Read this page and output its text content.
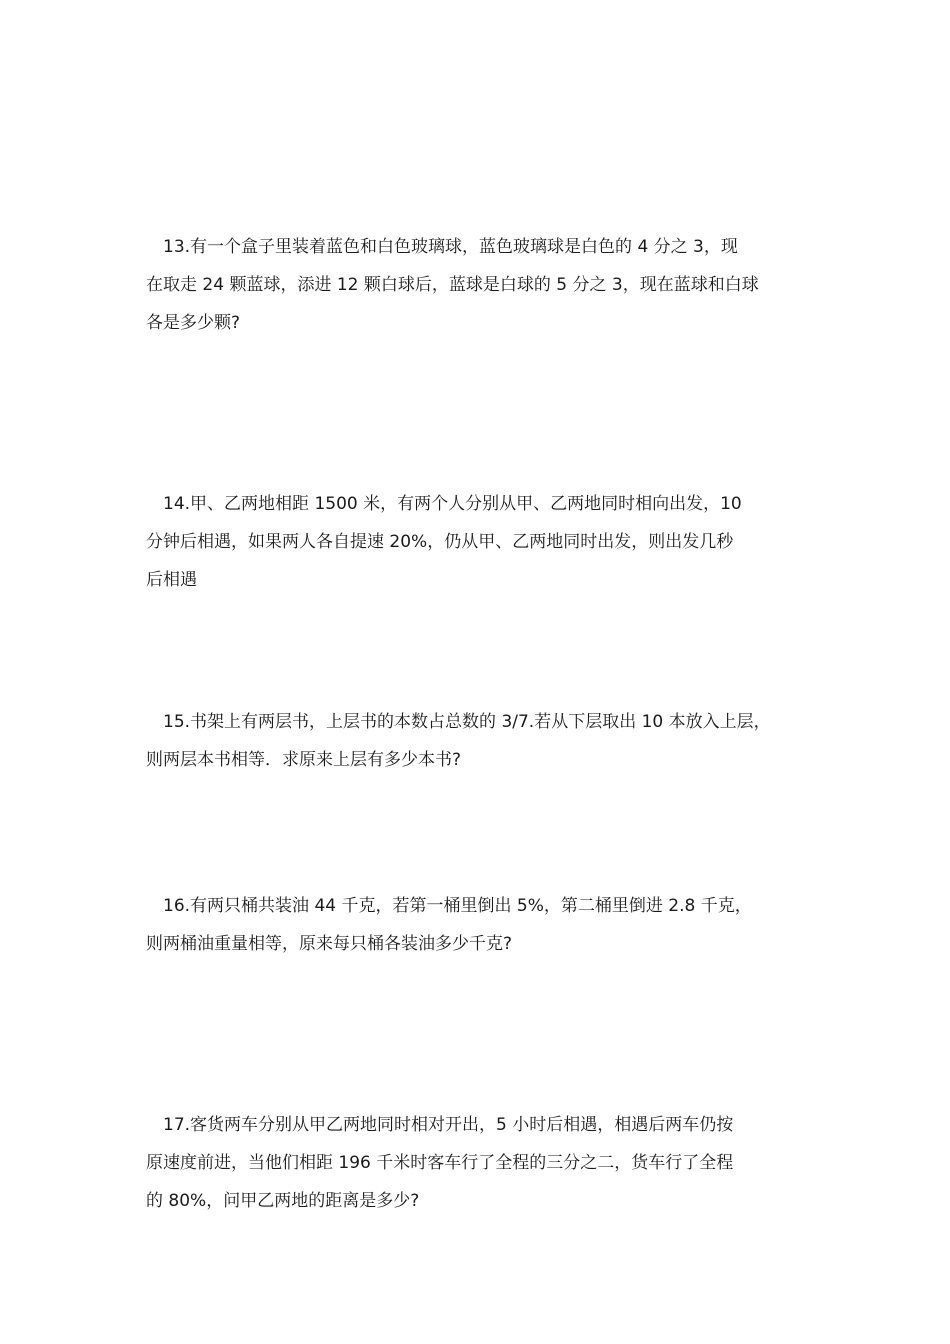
13.有一个盒子里装着蓝色和白色玻璃球，蓝色玻璃球是白色的 4 分之 3，现
在取走 24 颗蓝球，添进 12 颗白球后，蓝球是白球的 5 分之 3，现在蓝球和白球
各是多少颗?
14.甲、乙两地相距 1500 米，有两个人分别从甲、乙两地同时相向出发，10
分钟后相遇，如果两人各自提速 20%，仍从甲、乙两地同时出发，则出发几秒
后相遇
15.书架上有两层书，上层书的本数占总数的 3/7.若从下层取出 10 本放入上层，
则两层本书相等．求原来上层有多少本书?
16.有两只桶共装油 44 千克，若第一桶里倒出 5%，第二桶里倒进 2.8 千克，
则两桶油重量相等，原来每只桶各装油多少千克?
17.客货两车分别从甲乙两地同时相对开出，5 小时后相遇，相遇后两车仍按
原速度前进，当他们相距 196 千米时客车行了全程的三分之二，货车行了全程
的 80%，问甲乙两地的距离是多少?
